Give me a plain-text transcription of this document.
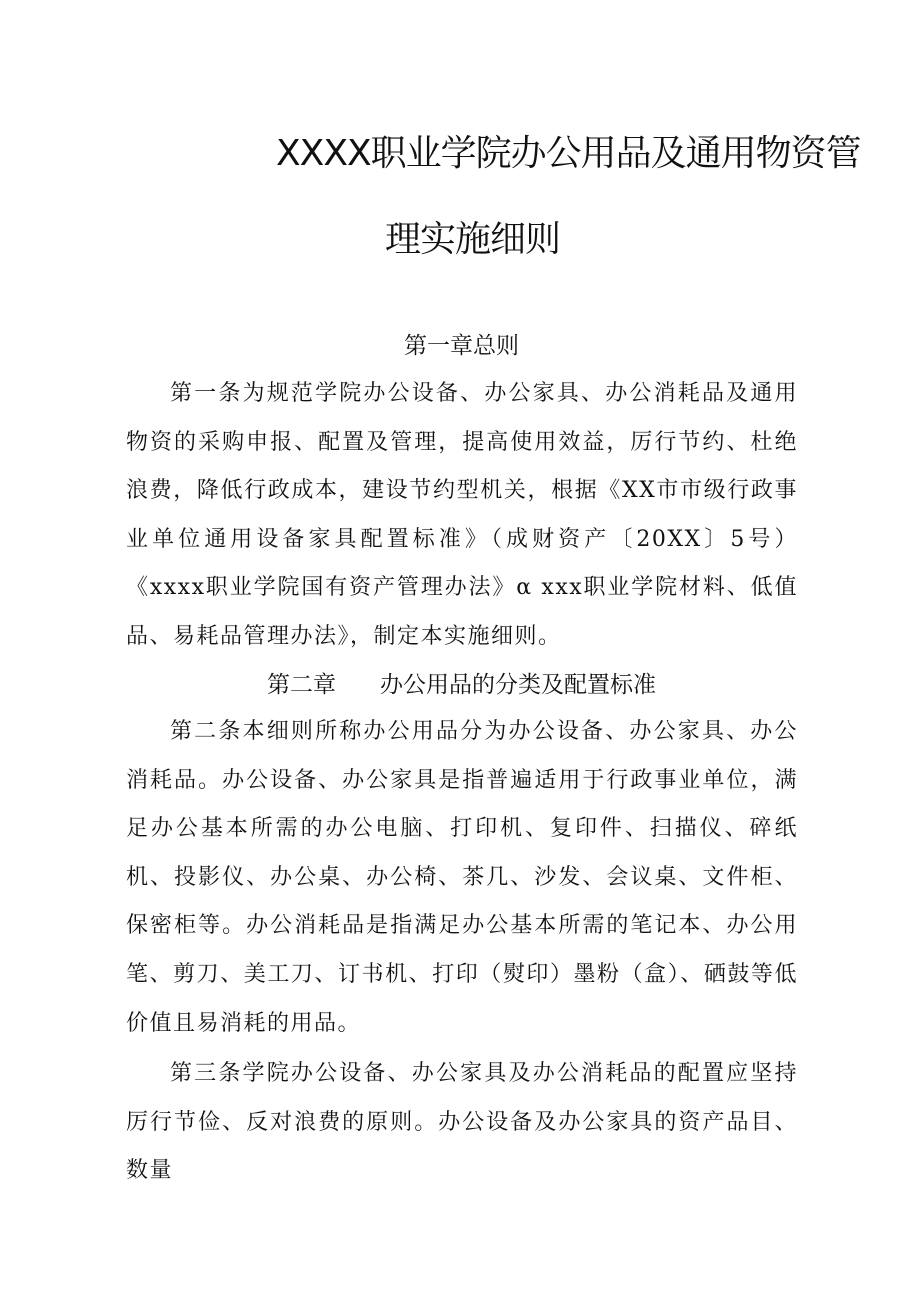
XXXX职业学院办公用品及通用物资管
理实施细则
第一章总则

第一条为规范学院办公设备、办公家具、办公消耗品及通用物资的采购申报、配置及管理，提高使用效益，厉行节约、杜绝浪费，降低行政成本，建设节约型机关，根据《XX市市级行政事业单位通用设备家具配置标准》（成财资产〔20XX〕5号）《xxxx职业学院国有资产管理办法》α xxx职业学院材料、低值品、易耗品管理办法》，制定本实施细则。

第二章 办公用品的分类及配置标准

第二条本细则所称办公用品分为办公设备、办公家具、办公消耗品。办公设备、办公家具是指普遍适用于行政事业单位，满足办公基本所需的办公电脑、打印机、复印件、扫描仪、碎纸机、投影仪、办公桌、办公椅、茶几、沙发、会议桌、文件柜、保密柜等。办公消耗品是指满足办公基本所需的笔记本、办公用笔、剪刀、美工刀、订书机、打印（熨印）墨粉（盒）、硒鼓等低价值且易消耗的用品。

第三条学院办公设备、办公家具及办公消耗品的配置应坚持厉行节俭、反对浪费的原则。办公设备及办公家具的资产品目、数量
